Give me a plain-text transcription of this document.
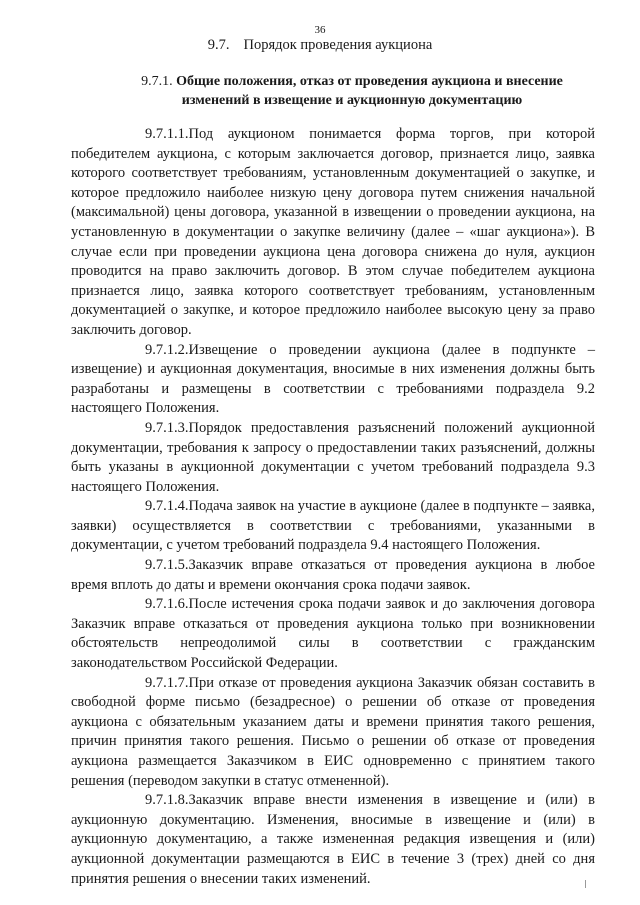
36
9.7. Порядок проведения аукциона
9.7.1. Общие положения, отказ от проведения аукциона и внесение изменений в извещение и аукционную документацию

9.7.1.1.Под аукционом понимается форма торгов, при которой победителем аукциона, с которым заключается договор, признается лицо, заявка которого соответствует требованиям, установленным документацией о закупке, и которое предложило наиболее низкую цену договора путем снижения начальной (максимальной) цены договора, указанной в извещении о проведении аукциона, на установленную в документации о закупке величину (далее – «шаг аукциона»). В случае если при проведении аукциона цена договора снижена до нуля, аукцион проводится на право заключить договор. В этом случае победителем аукциона признается лицо, заявка которого соответствует требованиям, установленным документацией о закупке, и которое предложило наиболее высокую цену за право заключить договор.

9.7.1.2.Извещение о проведении аукциона (далее в подпункте – извещение) и аукционная документация, вносимые в них изменения должны быть разработаны и размещены в соответствии с требованиями подраздела 9.2 настоящего Положения.

9.7.1.3.Порядок предоставления разъяснений положений аукционной документации, требования к запросу о предоставлении таких разъяснений, должны быть указаны в аукционной документации с учетом требований подраздела 9.3 настоящего Положения.

9.7.1.4.Подача заявок на участие в аукционе (далее в подпункте – заявка, заявки) осуществляется в соответствии с требованиями, указанными в документации, с учетом требований подраздела 9.4 настоящего Положения.

9.7.1.5.Заказчик вправе отказаться от проведения аукциона в любое время вплоть до даты и времени окончания срока подачи заявок.

9.7.1.6.После истечения срока подачи заявок и до заключения договора Заказчик вправе отказаться от проведения аукциона только при возникновении обстоятельств непреодолимой силы в соответствии с гражданским законодательством Российской Федерации.

9.7.1.7.При отказе от проведения аукциона Заказчик обязан составить в свободной форме письмо (безадресное) о решении об отказе от проведения аукциона с обязательным указанием даты и времени принятия такого решения, причин принятия такого решения. Письмо о решении об отказе от проведения аукциона размещается Заказчиком в ЕИС одновременно с принятием такого решения (переводом закупки в статус отмененной).

9.7.1.8.Заказчик вправе внести изменения в извещение и (или) в аукционную документацию. Изменения, вносимые в извещение и (или) в аукционную документацию, а также измененная редакция извещения и (или) аукционной документации размещаются в ЕИС в течение 3 (трех) дней со дня принятия решения о внесении таких изменений.
